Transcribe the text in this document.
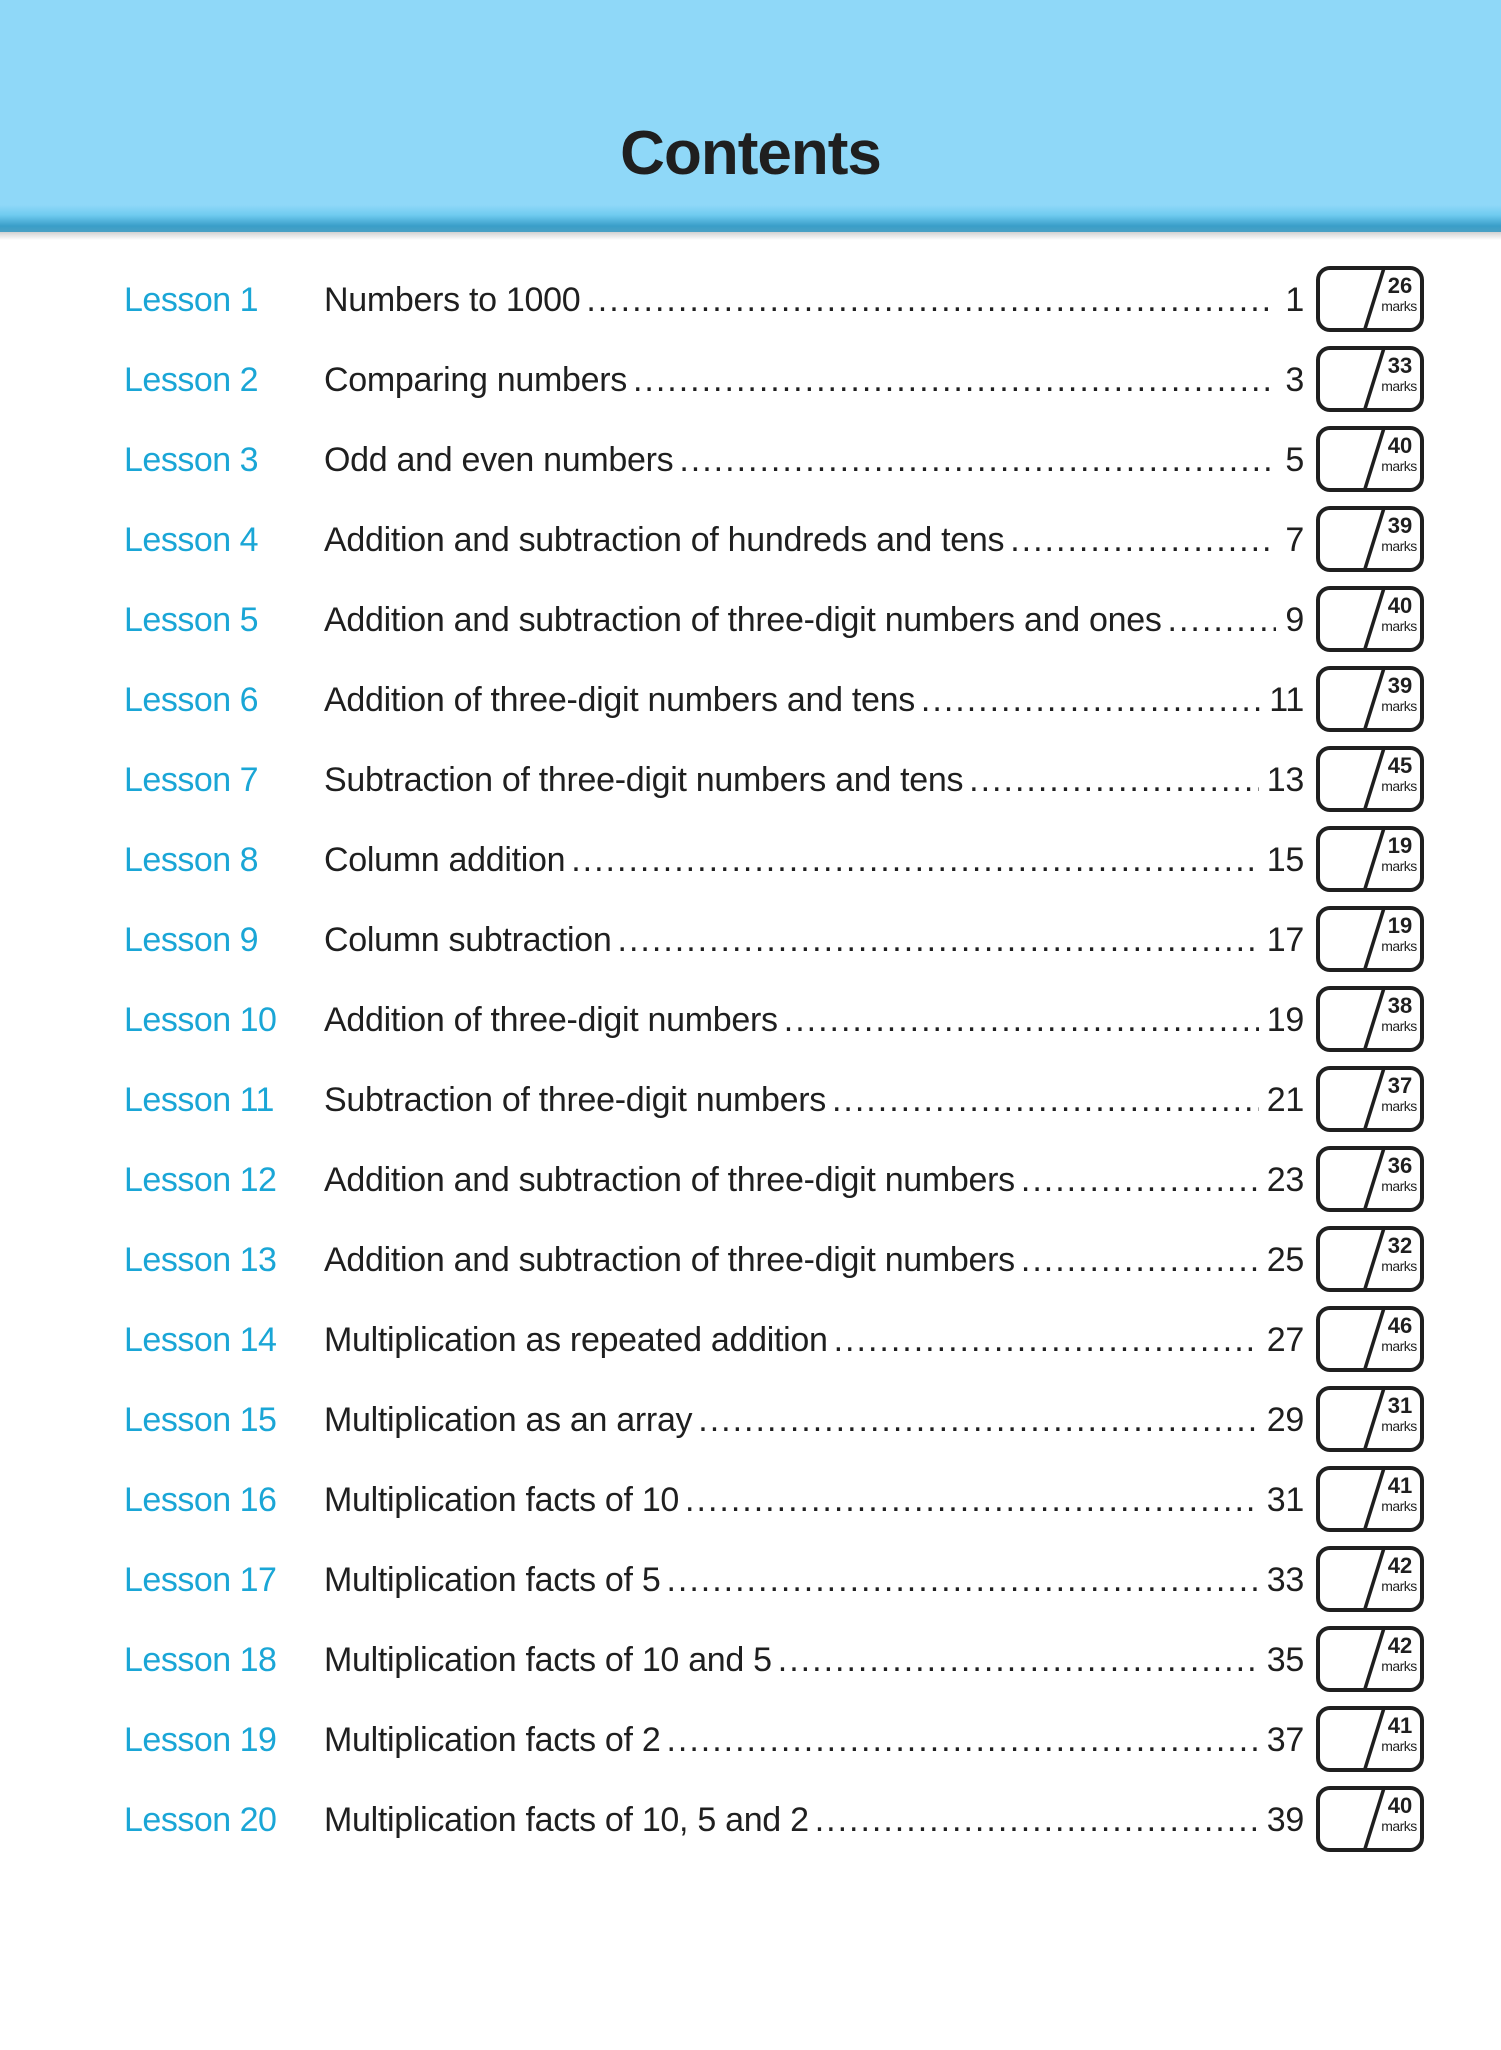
Contents
Lesson 1 Numbers to 1000 .....	1	26
marks
Lesson 2 Comparing numbers .....	3	33
marks
Lesson 3 Odd and even numbers .....	5	40
marks
Lesson 4 Addition and subtraction of hundreds and tens .....	7	39
marks
Lesson 5 Addition and subtraction of three-digit numbers and ones .....	9	40
marks
Lesson 6 Addition of three-digit numbers and tens .....	11	39
marks
Lesson 7 Subtraction of three-digit numbers and tens .....	13	45
marks
Lesson 8 Column addition .....	15	19
marks
Lesson 9 Column subtraction .....	17	19
marks
Lesson 10 Addition of three-digit numbers .....	19	38
marks
Lesson 11 Subtraction of three-digit numbers .....	21	37
marks
Lesson 12 Addition and subtraction of three-digit numbers .....	23	36
marks
Lesson 13 Addition and subtraction of three-digit numbers .....	25	32
marks
Lesson 14 Multiplication as repeated addition .....	27	46
marks
Lesson 15 Multiplication as an array .....	29	31
marks
Lesson 16 Multiplication facts of 10 .....	31	41
marks
Lesson 17 Multiplication facts of 5 .....	33	42
marks
Lesson 18 Multiplication facts of 10 and 5 .....	35	42
marks
Lesson 19 Multiplication facts of 2 .....	37	41
marks
Lesson 20 Multiplication facts of 10, 5 and 2 .....	39	40
marks
